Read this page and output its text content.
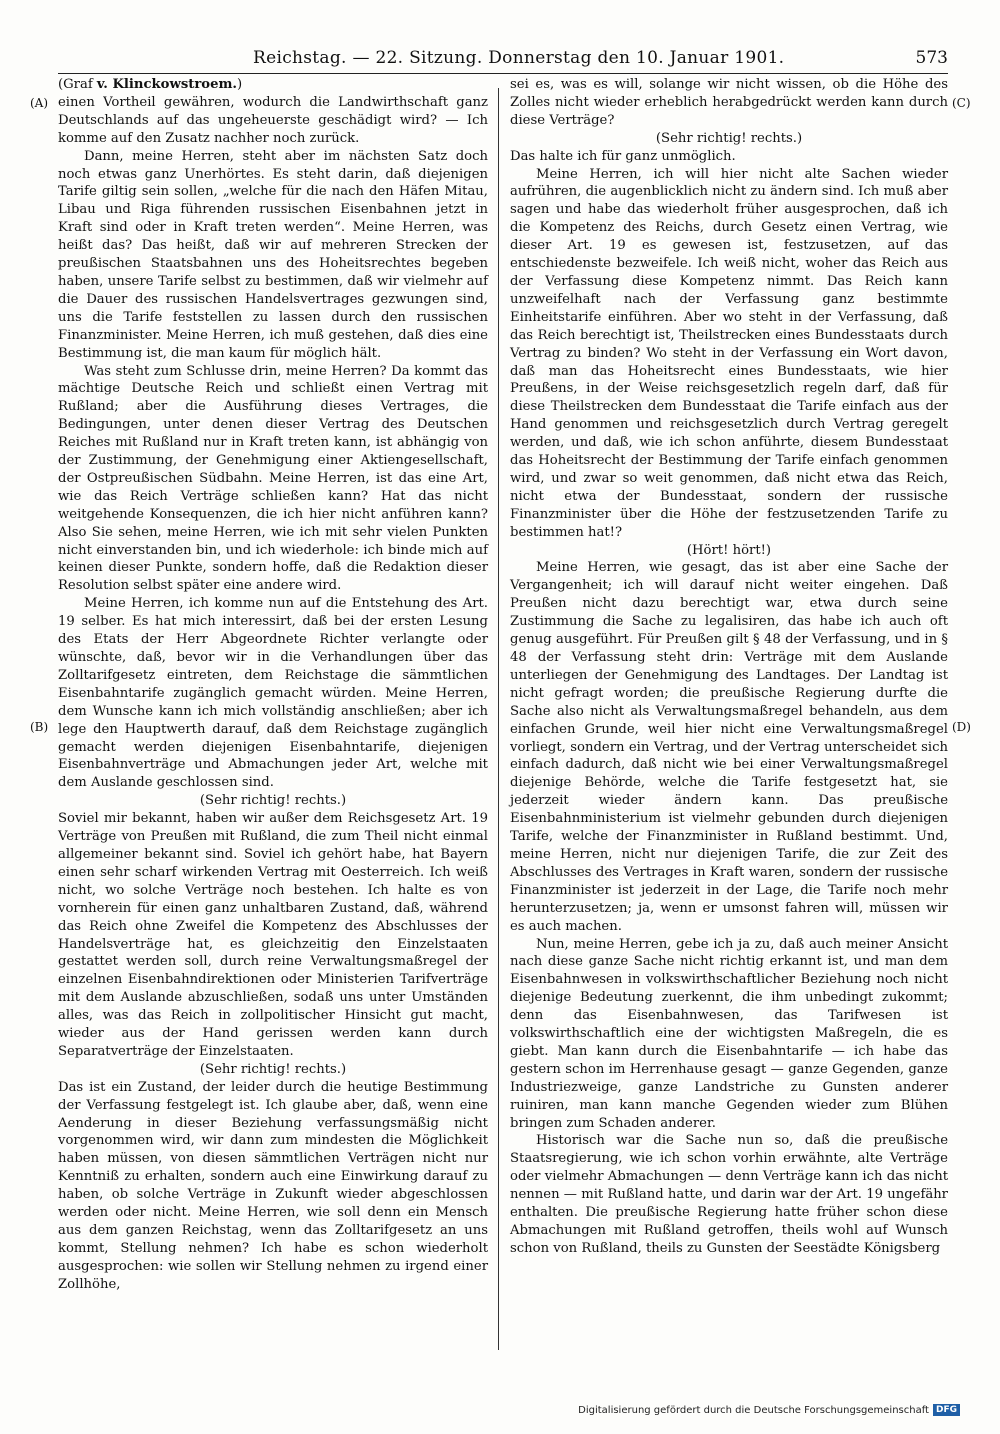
Reichstag. — 22. Sitzung. Donnerstag den 10. Januar 1901.	573
(A)
(B)
(C)
(D)

(Graf v. Klinckowstroem.)

einen Vortheil gewähren, wodurch die Landwirthschaft ganz Deutschlands auf das ungeheuerste geschädigt wird? — Ich komme auf den Zusatz nachher noch zurück.

Dann, meine Herren, steht aber im nächsten Satz doch noch etwas ganz Unerhörtes. Es steht darin, daß diejenigen Tarife giltig sein sollen, „welche für die nach den Häfen Mitau, Libau und Riga führenden russischen Eisenbahnen jetzt in Kraft sind oder in Kraft treten werden“. Meine Herren, was heißt das? Das heißt, daß wir auf mehreren Strecken der preußischen Staatsbahnen uns des Hoheitsrechtes begeben haben, unsere Tarife selbst zu bestimmen, daß wir vielmehr auf die Dauer des russischen Handelsvertrages gezwungen sind, uns die Tarife feststellen zu lassen durch den russischen Finanzminister. Meine Herren, ich muß gestehen, daß dies eine Bestimmung ist, die man kaum für möglich hält.

Was steht zum Schlusse drin, meine Herren? Da kommt das mächtige Deutsche Reich und schließt einen Vertrag mit Rußland; aber die Ausführung dieses Vertrages, die Bedingungen, unter denen dieser Vertrag des Deutschen Reiches mit Rußland nur in Kraft treten kann, ist abhängig von der Zustimmung, der Genehmigung einer Aktiengesellschaft, der Ostpreußischen Südbahn. Meine Herren, ist das eine Art, wie das Reich Verträge schließen kann? Hat das nicht weitgehende Konsequenzen, die ich hier nicht anführen kann? Also Sie sehen, meine Herren, wie ich mit sehr vielen Punkten nicht einverstanden bin, und ich wiederhole: ich binde mich auf keinen dieser Punkte, sondern hoffe, daß die Redaktion dieser Resolution selbst später eine andere wird.

Meine Herren, ich komme nun auf die Entstehung des Art. 19 selber. Es hat mich interessirt, daß bei der ersten Lesung des Etats der Herr Abgeordnete Richter verlangte oder wünschte, daß, bevor wir in die Verhandlungen über das Zolltarifgesetz eintreten, dem Reichstage die sämmtlichen Eisenbahntarife zugänglich gemacht würden. Meine Herren, dem Wunsche kann ich mich vollständig anschließen; aber ich lege den Hauptwerth darauf, daß dem Reichstage zugänglich gemacht werden diejenigen Eisenbahntarife, diejenigen Eisenbahnverträge und Abmachungen jeder Art, welche mit dem Auslande geschlossen sind.

(Sehr richtig! rechts.)

Soviel mir bekannt, haben wir außer dem Reichsgesetz Art. 19 Verträge von Preußen mit Rußland, die zum Theil nicht einmal allgemeiner bekannt sind. Soviel ich gehört habe, hat Bayern einen sehr scharf wirkenden Vertrag mit Oesterreich. Ich weiß nicht, wo solche Verträge noch bestehen. Ich halte es von vornherein für einen ganz unhaltbaren Zustand, daß, während das Reich ohne Zweifel die Kompetenz des Abschlusses der Handelsverträge hat, es gleichzeitig den Einzelstaaten gestattet werden soll, durch reine Verwaltungsmaßregel der einzelnen Eisenbahndirektionen oder Ministerien Tarifverträge mit dem Auslande abzuschließen, sodaß uns unter Umständen alles, was das Reich in zollpolitischer Hinsicht gut macht, wieder aus der Hand gerissen werden kann durch Separatverträge der Einzelstaaten.

(Sehr richtig! rechts.)

Das ist ein Zustand, der leider durch die heutige Bestimmung der Verfassung festgelegt ist. Ich glaube aber, daß, wenn eine Aenderung in dieser Beziehung verfassungsmäßig nicht vorgenommen wird, wir dann zum mindesten die Möglichkeit haben müssen, von diesen sämmtlichen Verträgen nicht nur Kenntniß zu erhalten, sondern auch eine Einwirkung darauf zu haben, ob solche Verträge in Zukunft wieder abgeschlossen werden oder nicht. Meine Herren, wie soll denn ein Mensch aus dem ganzen Reichstag, wenn das Zolltarifgesetz an uns kommt, Stellung nehmen? Ich habe es schon wiederholt ausgesprochen: wie sollen wir Stellung nehmen zu irgend einer Zollhöhe,

sei es, was es will, solange wir nicht wissen, ob die Höhe des Zolles nicht wieder erheblich herabgedrückt werden kann durch diese Verträge?

(Sehr richtig! rechts.)

Das halte ich für ganz unmöglich.

Meine Herren, ich will hier nicht alte Sachen wieder aufrühren, die augenblicklich nicht zu ändern sind. Ich muß aber sagen und habe das wiederholt früher ausgesprochen, daß ich die Kompetenz des Reichs, durch Gesetz einen Vertrag, wie dieser Art. 19 es gewesen ist, festzusetzen, auf das entschiedenste bezweifele. Ich weiß nicht, woher das Reich aus der Verfassung diese Kompetenz nimmt. Das Reich kann unzweifelhaft nach der Verfassung ganz bestimmte Einheitstarife einführen. Aber wo steht in der Verfassung, daß das Reich berechtigt ist, Theilstrecken eines Bundesstaats durch Vertrag zu binden? Wo steht in der Verfassung ein Wort davon, daß man das Hoheitsrecht eines Bundesstaats, wie hier Preußens, in der Weise reichsgesetzlich regeln darf, daß für diese Theilstrecken dem Bundesstaat die Tarife einfach aus der Hand genommen und reichsgesetzlich durch Vertrag geregelt werden, und daß, wie ich schon anführte, diesem Bundesstaat das Hoheitsrecht der Bestimmung der Tarife einfach genommen wird, und zwar so weit genommen, daß nicht etwa das Reich, nicht etwa der Bundesstaat, sondern der russische Finanzminister über die Höhe der festzusetzenden Tarife zu bestimmen hat!?

(Hört! hört!)

Meine Herren, wie gesagt, das ist aber eine Sache der Vergangenheit; ich will darauf nicht weiter eingehen. Daß Preußen nicht dazu berechtigt war, etwa durch seine Zustimmung die Sache zu legalisiren, das habe ich auch oft genug ausgeführt. Für Preußen gilt § 48 der Verfassung, und in § 48 der Verfassung steht drin: Verträge mit dem Auslande unterliegen der Genehmigung des Landtages. Der Landtag ist nicht gefragt worden; die preußische Regierung durfte die Sache also nicht als Verwaltungsmaßregel behandeln, aus dem einfachen Grunde, weil hier nicht eine Verwaltungsmaßregel vorliegt, sondern ein Vertrag, und der Vertrag unterscheidet sich einfach dadurch, daß nicht wie bei einer Verwaltungsmaßregel diejenige Behörde, welche die Tarife festgesetzt hat, sie jederzeit wieder ändern kann. Das preußische Eisenbahnministerium ist vielmehr gebunden durch diejenigen Tarife, welche der Finanzminister in Rußland bestimmt. Und, meine Herren, nicht nur diejenigen Tarife, die zur Zeit des Abschlusses des Vertrages in Kraft waren, sondern der russische Finanzminister ist jederzeit in der Lage, die Tarife noch mehr herunterzusetzen; ja, wenn er umsonst fahren will, müssen wir es auch machen.

Nun, meine Herren, gebe ich ja zu, daß auch meiner Ansicht nach diese ganze Sache nicht richtig erkannt ist, und man dem Eisenbahnwesen in volkswirthschaftlicher Beziehung noch nicht diejenige Bedeutung zuerkennt, die ihm unbedingt zukommt; denn das Eisenbahnwesen, das Tarifwesen ist volkswirthschaftlich eine der wichtigsten Maßregeln, die es giebt. Man kann durch die Eisenbahntarife — ich habe das gestern schon im Herrenhause gesagt — ganze Gegenden, ganze Industriezweige, ganze Landstriche zu Gunsten anderer ruiniren, man kann manche Gegenden wieder zum Blühen bringen zum Schaden anderer.

Historisch war die Sache nun so, daß die preußische Staatsregierung, wie ich schon vorhin erwähnte, alte Verträge oder vielmehr Abmachungen — denn Verträge kann ich das nicht nennen — mit Rußland hatte, und darin war der Art. 19 ungefähr enthalten. Die preußische Regierung hatte früher schon diese Abmachungen mit Rußland getroffen, theils wohl auf Wunsch schon von Rußland, theils zu Gunsten der Seestädte Königsberg

Digitalisierung gefördert durch die Deutsche Forschungsgemeinschaft DFG
